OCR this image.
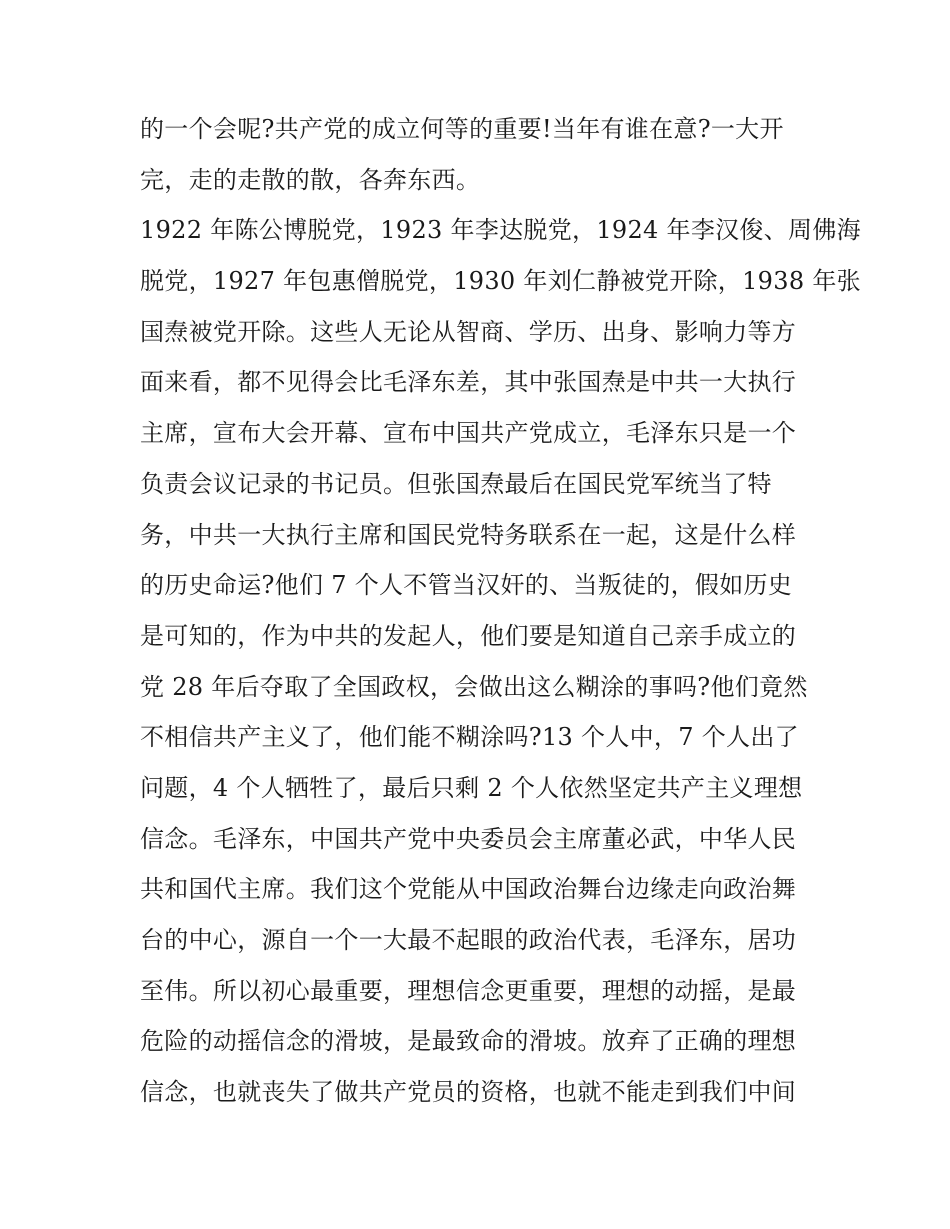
的一个会呢?共产党的成立何等的重要!当年有谁在意?一大开
完，走的走散的散，各奔东西。
1922 年陈公博脱党，1923 年李达脱党，1924 年李汉俊、周佛海
脱党，1927 年包惠僧脱党，1930 年刘仁静被党开除，1938 年张
国焘被党开除。这些人无论从智商、学历、出身、影响力等方
面来看，都不见得会比毛泽东差，其中张国焘是中共一大执行
主席，宣布大会开幕、宣布中国共产党成立，毛泽东只是一个
负责会议记录的书记员。但张国焘最后在国民党军统当了特
务，中共一大执行主席和国民党特务联系在一起，这是什么样
的历史命运?他们 7 个人不管当汉奸的、当叛徒的，假如历史
是可知的，作为中共的发起人，他们要是知道自己亲手成立的
党 28 年后夺取了全国政权，会做出这么糊涂的事吗?他们竟然
不相信共产主义了，他们能不糊涂吗?13 个人中，7 个人出了
问题，4 个人牺牲了，最后只剩 2 个人依然坚定共产主义理想
信念。毛泽东，中国共产党中央委员会主席董必武，中华人民
共和国代主席。我们这个党能从中国政治舞台边缘走向政治舞
台的中心，源自一个一大最不起眼的政治代表，毛泽东，居功
至伟。所以初心最重要，理想信念更重要，理想的动摇，是最
危险的动摇信念的滑坡，是最致命的滑坡。放弃了正确的理想
信念，也就丧失了做共产党员的资格，也就不能走到我们中间
